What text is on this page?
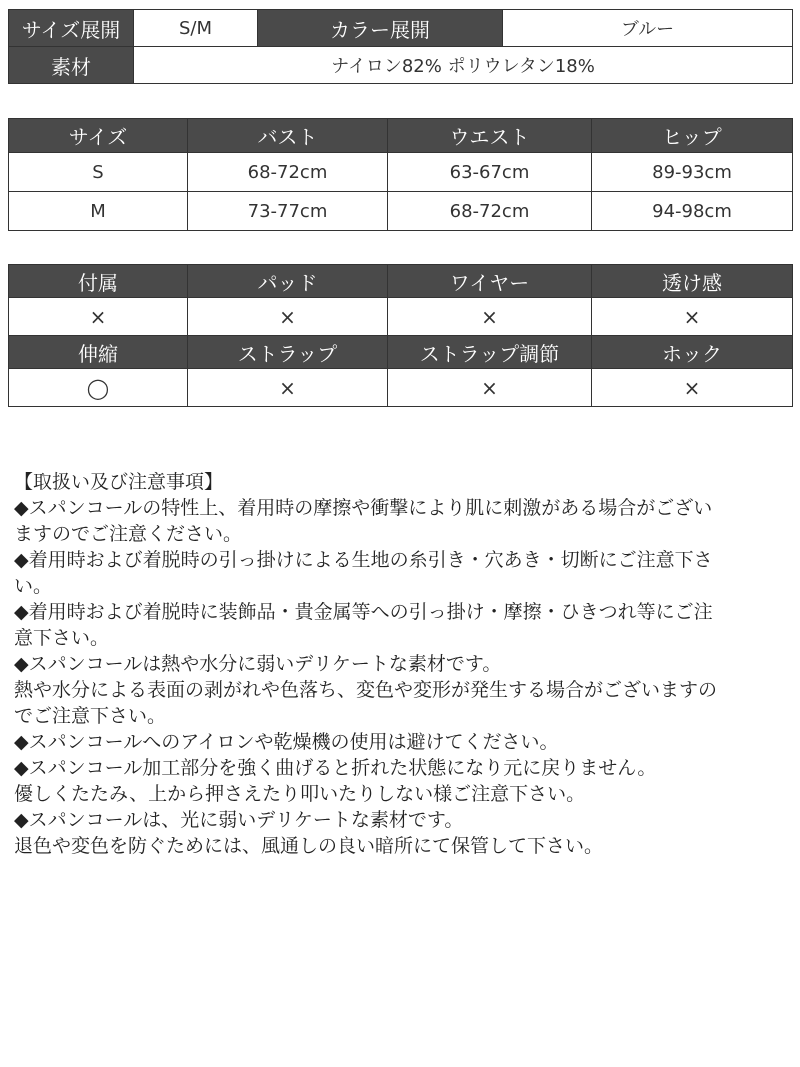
サイズ展開	S/M	カラー展開	ブルー
素材	ナイロン82% ポリウレタン18%		
サイズ	バスト	ウエスト	ヒップ
S	68-72cm	63-67cm	89-93cm
M	73-77cm	68-72cm	94-98cm
付属	パッド	ワイヤー	透け感
×	×	×	×
伸縮	ストラップ	ストラップ調節	ホック
◯	×	×	×
【取扱い及び注意事項】
◆スパンコールの特性上、着用時の摩擦や衝撃により肌に刺激がある場合がござい
ますのでご注意ください。
◆着用時および着脱時の引っ掛けによる生地の糸引き・穴あき・切断にご注意下さ
い。
◆着用時および着脱時に装飾品・貴金属等への引っ掛け・摩擦・ひきつれ等にご注
意下さい。
◆スパンコールは熱や水分に弱いデリケートな素材です。
熱や水分による表面の剥がれや色落ち、変色や変形が発生する場合がございますの
でご注意下さい。
◆スパンコールへのアイロンや乾燥機の使用は避けてください。
◆スパンコール加工部分を強く曲げると折れた状態になり元に戻りません。
優しくたたみ、上から押さえたり叩いたりしない様ご注意下さい。
◆スパンコールは、光に弱いデリケートな素材です。
退色や変色を防ぐためには、風通しの良い暗所にて保管して下さい。
